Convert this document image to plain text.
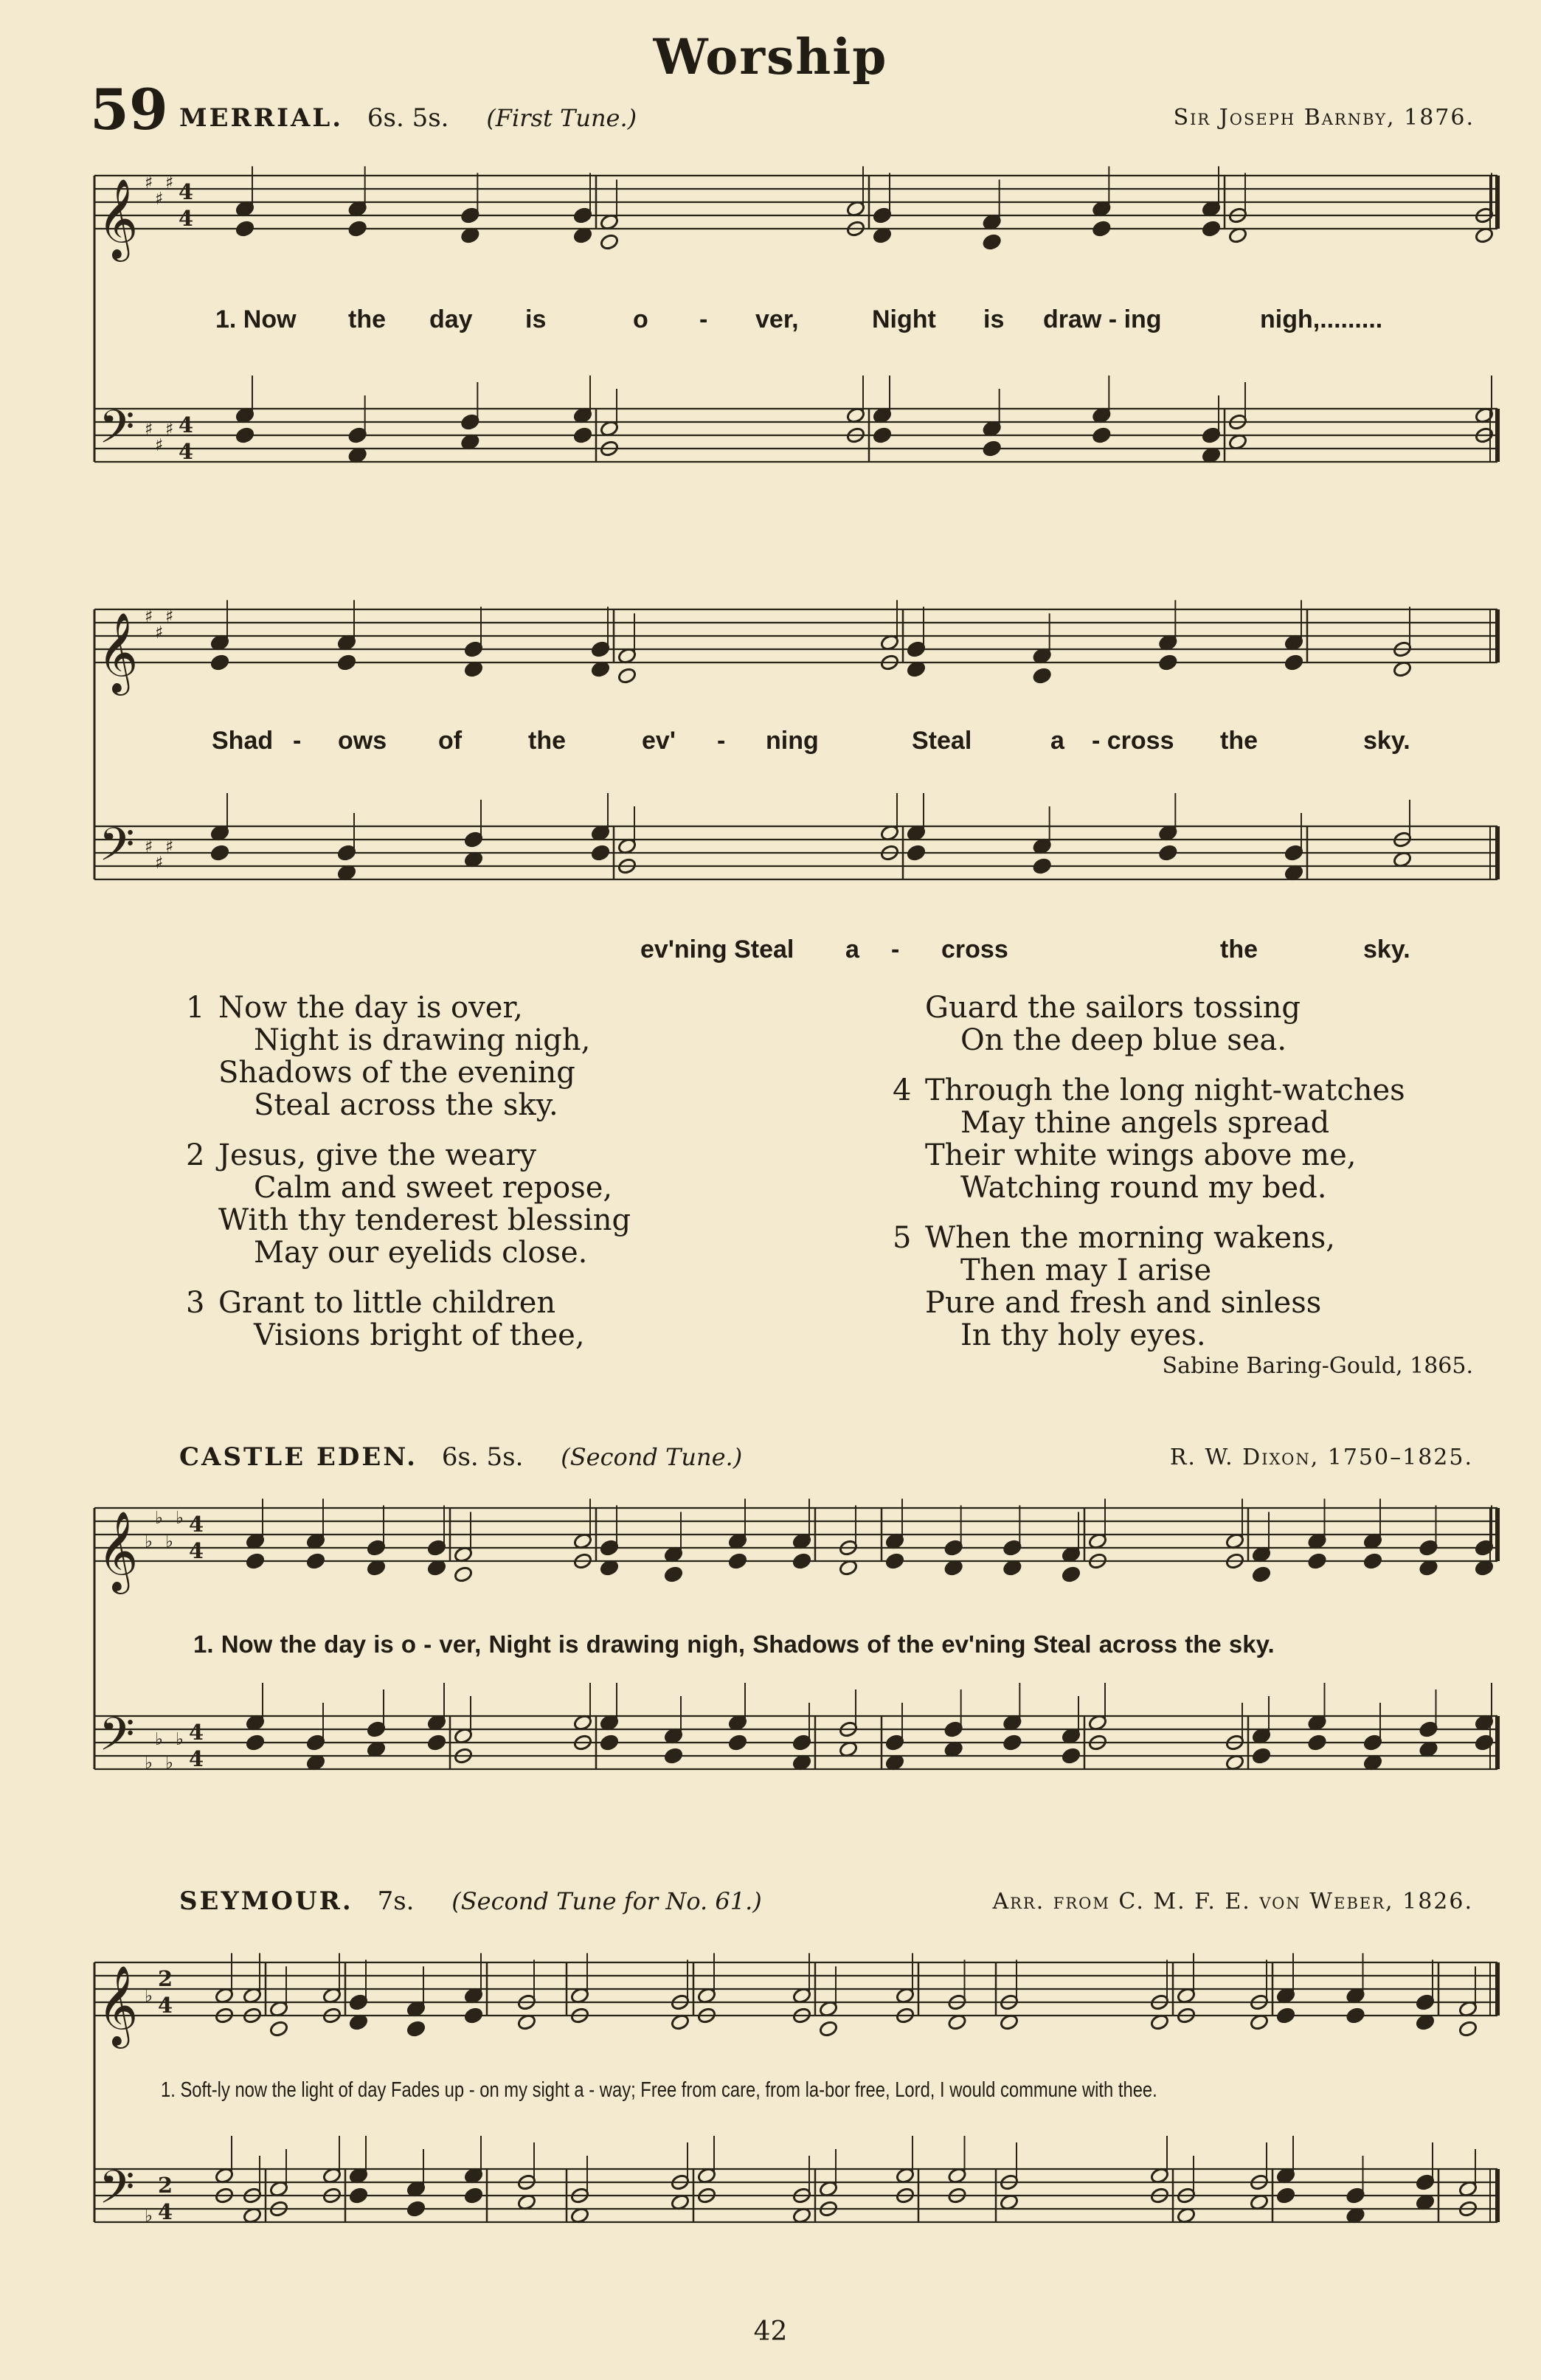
Worship
59 MERRIAL. 6s. 5s. (First Tune.)	Sir Joseph Barnby, 1876.
𝄞
𝄢
♯
♯
♯
♯
♯
♯
4
4
4
4
𝄞
𝄢
♯
♯
♯
♯
♯
♯
𝄞
𝄢
♭
♭
♭
♭
♭
♭
♭
♭
4
4
4
4
𝄞
𝄢
♭
♭
2
4
2
4
1. Now the day is	o - ver,	Night is draw - ing	nigh,.........
Shad - ows of	the	ev' - ning	Steal	a - cross the	sky.
ev'ning Steal a - cross	the	sky.
1 Now the day is over,
Night is drawing nigh,
Shadows of the evening
Steal across the sky.
2 Jesus, give the weary
Calm and sweet repose,
With thy tenderest blessing
May our eyelids close.
3 Grant to little children
Visions bright of thee,
Guard the sailors tossing
On the deep blue sea.
4 Through the long night-watches
May thine angels spread
Their white wings above me,
Watching round my bed.
5 When the morning wakens,
Then may I arise
Pure and fresh and sinless
In thy holy eyes.
Sabine Baring-Gould, 1865.
CASTLE EDEN. 6s. 5s. (Second Tune.)	R. W. Dixon, 1750–1825.
1. Now the day is o - ver, Night is drawing nigh, Shadows of the ev'ning Steal across the sky.
SEYMOUR. 7s. (Second Tune for No. 61.)	Arr. from C. M. F. E. von Weber, 1826.
1. Soft-ly now the light of day Fades up - on my sight a - way; Free from care, from la-bor free, Lord, I would commune with thee.
42
